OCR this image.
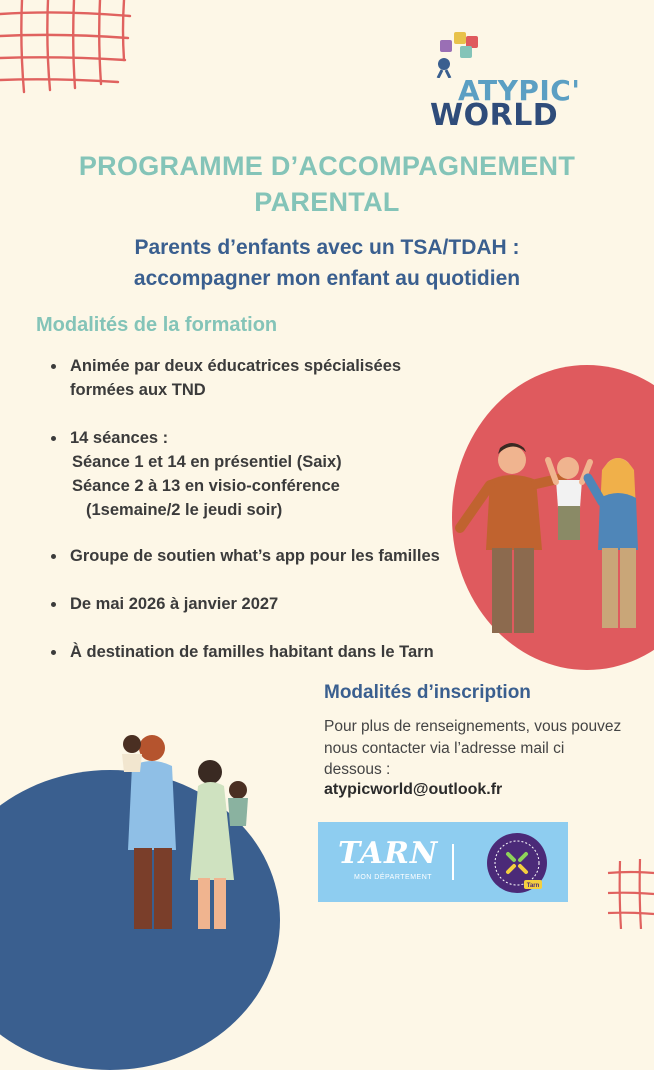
ATYPIC'
WORLD
PROGRAMME D’ACCOMPAGNEMENT
PARENTAL
Parents d’enfants avec un TSA/TDAH :
accompagner mon enfant au quotidien
Modalités de la formation
Animée par deux éducatrices spécialisées
formées aux TND
14 séances :
Séance 1 et 14 en présentiel (Saix)
Séance 2 à 13 en visio-conférence
(1semaine/2 le jeudi soir)
Groupe de soutien what’s app pour les familles
De mai 2026 à janvier 2027
À destination de familles habitant dans le Tarn
Modalités d’inscription
Pour plus de renseignements, vous pouvez nous contacter via l’adresse mail ci dessous :
atypicworld@outlook.fr
TARN
MON DÉPARTEMENT
Tarn
